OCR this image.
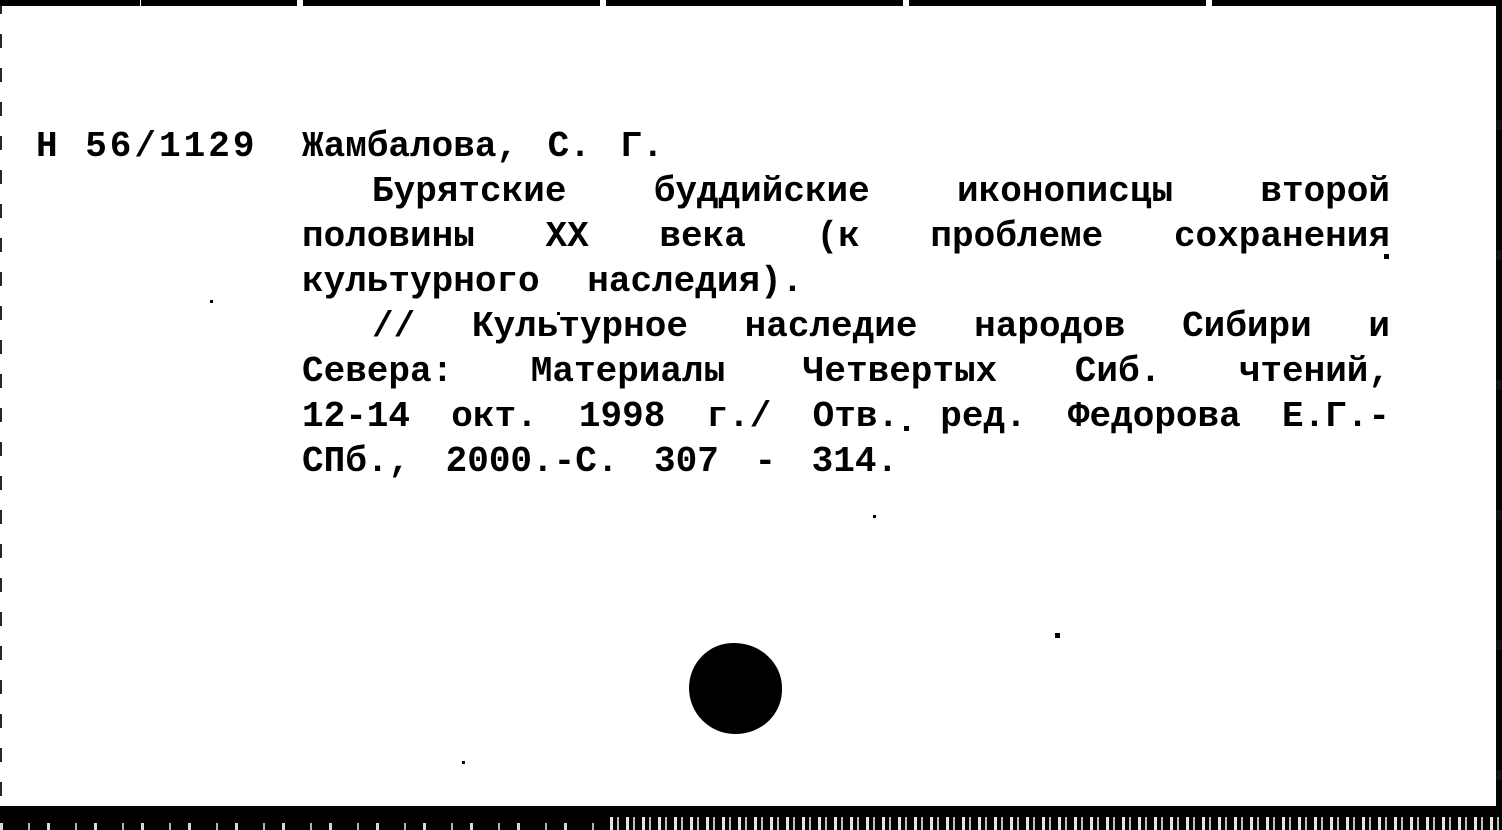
Н 56/1129 Жамбалова, С. Г.
Бурятские буддийские иконописцы второй
половины XX века (к проблеме сохранения
культурного наследия).
// Культурное наследие народов Сибири и
Севера: Материалы Четвертых Сиб. чтений,
12-14 окт. 1998 г./ Отв. ред. Федорова Е.Г.-
СПб., 2000.-С. 307 - 314.
